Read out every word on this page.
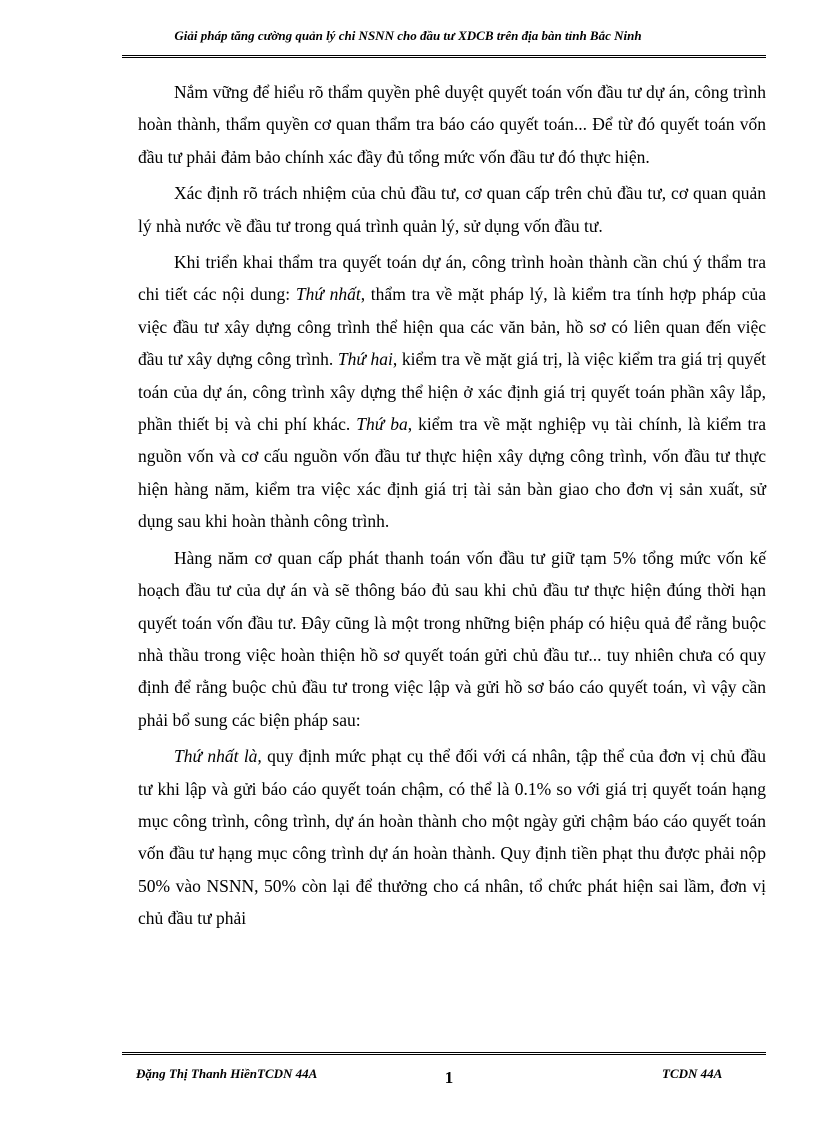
Giải pháp tăng cường quản lý chi NSNN cho đầu tư XDCB trên địa bàn tỉnh Bắc Ninh

Nắm vững để hiểu rõ thẩm quyền phê duyệt quyết toán vốn đầu tư dự án, công trình hoàn thành, thẩm quyền cơ quan thẩm tra báo cáo quyết toán... Để từ đó quyết toán vốn đầu tư phải đảm bảo chính xác đầy đủ tổng mức vốn đầu tư đó thực hiện.

Xác định rõ trách nhiệm của chủ đầu tư, cơ quan cấp trên chủ đầu tư, cơ quan quản lý nhà nước về đầu tư trong quá trình quản lý, sử dụng vốn đầu tư.

Khi triển khai thẩm tra quyết toán dự án, công trình hoàn thành cần chú ý thẩm tra chi tiết các nội dung: Thứ nhất, thẩm tra về mặt pháp lý, là kiểm tra tính hợp pháp của việc đầu tư xây dựng công trình thể hiện qua các văn bản, hồ sơ có liên quan đến việc đầu tư xây dựng công trình. Thứ hai, kiểm tra về mặt giá trị, là việc kiểm tra giá trị quyết toán của dự án, công trình xây dựng thể hiện ở xác định giá trị quyết toán phần xây lắp, phần thiết bị và chi phí khác. Thứ ba, kiểm tra về mặt nghiệp vụ tài chính, là kiểm tra nguồn vốn và cơ cấu nguồn vốn đầu tư thực hiện xây dựng công trình, vốn đầu tư thực hiện hàng năm, kiểm tra việc xác định giá trị tài sản bàn giao cho đơn vị sản xuất, sử dụng sau khi hoàn thành công trình.

Hàng năm cơ quan cấp phát thanh toán vốn đầu tư giữ tạm 5% tổng mức vốn kế hoạch đầu tư của dự án và sẽ thông báo đủ sau khi chủ đầu tư thực hiện đúng thời hạn quyết toán vốn đầu tư. Đây cũng là một trong những biện pháp có hiệu quả để rằng buộc nhà thầu trong việc hoàn thiện hồ sơ quyết toán gửi chủ đầu tư... tuy nhiên chưa có quy định để rằng buộc chủ đầu tư trong việc lập và gửi hồ sơ báo cáo quyết toán, vì vậy cần phải bổ sung các biện pháp sau:

Thứ nhất là, quy định mức phạt cụ thể đối với cá nhân, tập thể của đơn vị chủ đầu tư khi lập và gửi báo cáo quyết toán chậm, có thể là 0.1% so với giá trị quyết toán hạng mục công trình, công trình, dự án hoàn thành cho một ngày gửi chậm báo cáo quyết toán vốn đầu tư hạng mục công trình dự án hoàn thành. Quy định tiền phạt thu được phải nộp 50% vào NSNN, 50% còn lại để thưởng cho cá nhân, tổ chức phát hiện sai lầm, đơn vị chủ đầu tư phải

Đặng Thị Thanh HiềnTCDN 44A	1	TCDN 44A
